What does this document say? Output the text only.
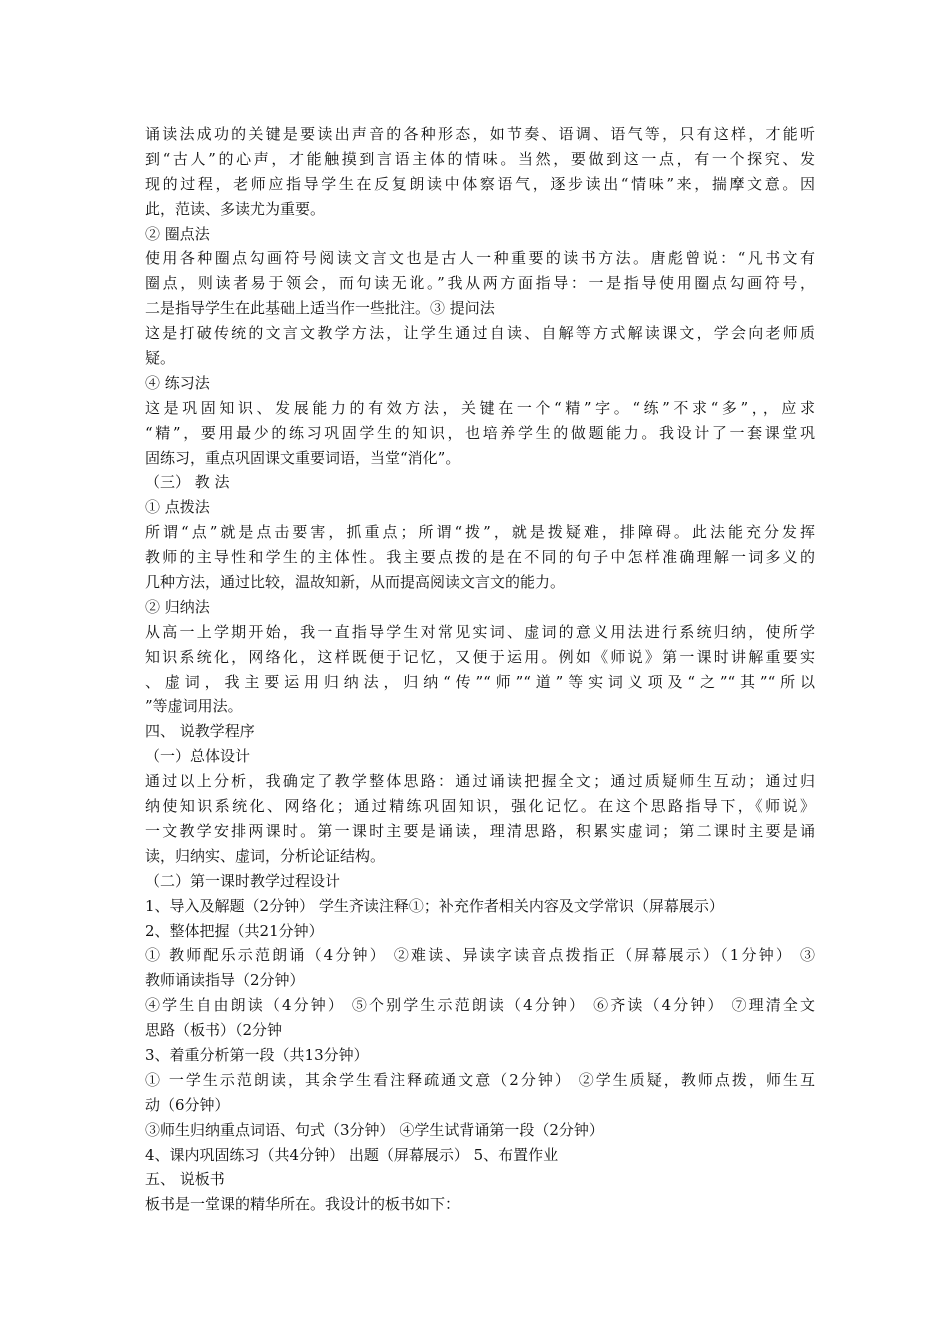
诵读法成功的关键是要读出声音的各种形态，如节奏、语调、语气等，只有这样，才能听
到“古人”的心声，才能触摸到言语主体的情味。当然，要做到这一点，有一个探究、发
现的过程，老师应指导学生在反复朗读中体察语气，逐步读出“情味”来，揣摩文意。因
此，范读、多读尤为重要。
② 圈点法
使用各种圈点勾画符号阅读文言文也是古人一种重要的读书方法。唐彪曾说：“凡书文有
圈点，则读者易于领会，而句读无讹。”我从两方面指导：一是指导使用圈点勾画符号，
二是指导学生在此基础上适当作一些批注。③ 提问法
这是打破传统的文言文教学方法，让学生通过自读、自解等方式解读课文，学会向老师质
疑。
④ 练习法
这是巩固知识、发展能力的有效方法，关键在一个“精”字。“练”不求“多”，，应求
“精”，要用最少的练习巩固学生的知识，也培养学生的做题能力。我设计了一套课堂巩
固练习，重点巩固课文重要词语，当堂“消化”。
（三） 教 法
① 点拨法
所谓“点”就是点击要害，抓重点；所谓“拨”，就是拨疑难，排障碍。此法能充分发挥
教师的主导性和学生的主体性。我主要点拨的是在不同的句子中怎样准确理解一词多义的
几种方法，通过比较，温故知新，从而提高阅读文言文的能力。
② 归纳法
从高一上学期开始，我一直指导学生对常见实词、虚词的意义用法进行系统归纳，使所学
知识系统化，网络化，这样既便于记忆，又便于运用。例如《师说》第一课时讲解重要实
、虚词，我主要运用归纳法，归纳“传”“师”“道”等实词义项及“之”“其”“所以
”等虚词用法。
四、 说教学程序
（一）总体设计
通过以上分析，我确定了教学整体思路：通过诵读把握全文；通过质疑师生互动；通过归
纳使知识系统化、网络化；通过精练巩固知识，强化记忆。在这个思路指导下，《师说》
一文教学安排两课时。第一课时主要是诵读，理清思路，积累实虚词；第二课时主要是诵
读，归纳实、虚词，分析论证结构。
（二）第一课时教学过程设计
1、导入及解题（2分钟） 学生齐读注释①；补充作者相关内容及文学常识（屏幕展示）
2、整体把握（共21分钟）
① 教师配乐示范朗诵（4分钟） ②难读、异读字读音点拨指正（屏幕展示）（1分钟） ③
教师诵读指导（2分钟）
④学生自由朗读（4分钟） ⑤个别学生示范朗读（4分钟） ⑥齐读（4分钟） ⑦理清全文
思路（板书）（2分钟
3、着重分析第一段（共13分钟）
① 一学生示范朗读，其余学生看注释疏通文意（2分钟） ②学生质疑，教师点拨，师生互
动（6分钟）
③师生归纳重点词语、句式（3分钟） ④学生试背诵第一段（2分钟）
4、课内巩固练习（共4分钟） 出题（屏幕展示） 5、布置作业
五、 说板书
板书是一堂课的精华所在。我设计的板书如下：
